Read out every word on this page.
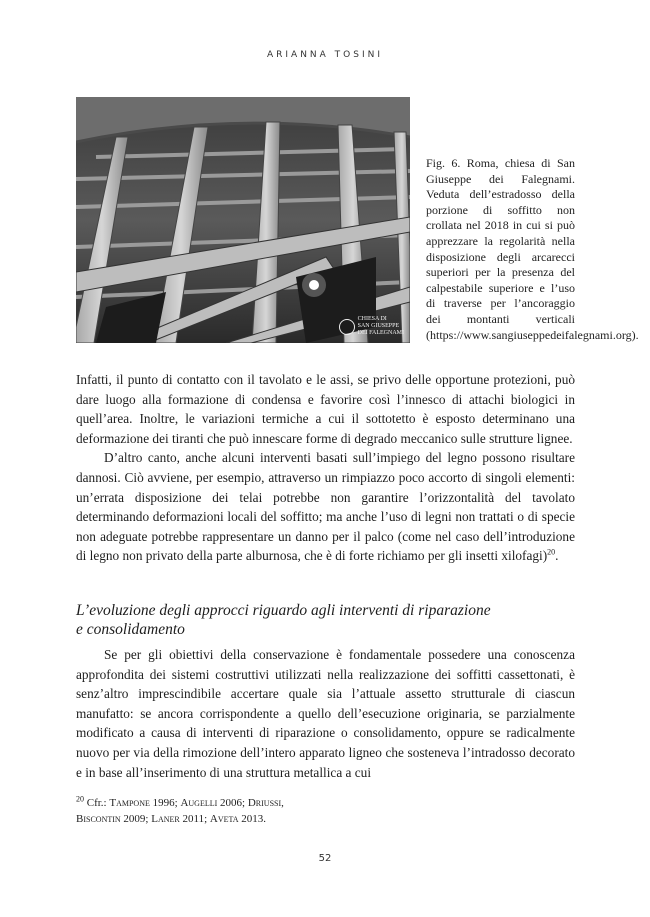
ARIANNA TOSINI
CHIESA DI
SAN GIUSEPPE
DEI FALEGNAMI
Fig. 6. Roma, chiesa di San Giuseppe dei Falegnami. Veduta dell’estradosso della porzione di soffitto non crollata nel 2018 in cui si può apprezzare la regolarità nella disposizione degli arcarecci superiori per la presenza del calpestabile superiore e l’uso di traverse per l’ancoraggio dei montanti verticali (https://www.sangiuseppedeifalegnami.org).

Infatti, il punto di contatto con il tavolato e le assi, se privo delle opportune protezioni, può dare luogo alla formazione di condensa e favorire così l’innesco di attachi biologici in quell’area. Inoltre, le variazioni termiche a cui il sottotetto è esposto determinano una deformazione dei tiranti che può innescare forme di degrado meccanico sulle strutture lignee.

D’altro canto, anche alcuni interventi basati sull’impiego del legno possono risultare dannosi. Ciò avviene, per esempio, attraverso un rimpiazzo poco accorto di singoli elementi: un’errata disposizione dei telai potrebbe non garantire l’orizzontalità del tavolato determinando deformazioni locali del soffitto; ma anche l’uso di legni non trattati o di specie non adeguate potrebbe rappresentare un danno per il palco (come nel caso dell’introduzione di legno non privato della parte alburnosa, che è di forte richiamo per gli insetti xilofagi)$^{20}$.

L’evoluzione degli approcci riguardo agli interventi di riparazione
e consolidamento

Se per gli obiettivi della conservazione è fondamentale possedere una conoscenza approfondita dei sistemi costruttivi utilizzati nella realizzazione dei soffitti cassettonati, è senz’altro imprescindibile accertare quale sia l’attuale assetto strutturale di ciascun manufatto: se ancora corrispondente a quello dell’esecuzione originaria, se parzialmente modificato a causa di interventi di riparazione o consolidamento, oppure se radicalmente nuovo per via della rimozione dell’intero apparato ligneo che sosteneva l’intradosso decorato e in base all’inserimento di una struttura metallica a cui

$^{20}$ Cfr.: Tampone 1996; Augelli 2006; Driussi,
Biscontin 2009; Laner 2011; Aveta 2013.
52
